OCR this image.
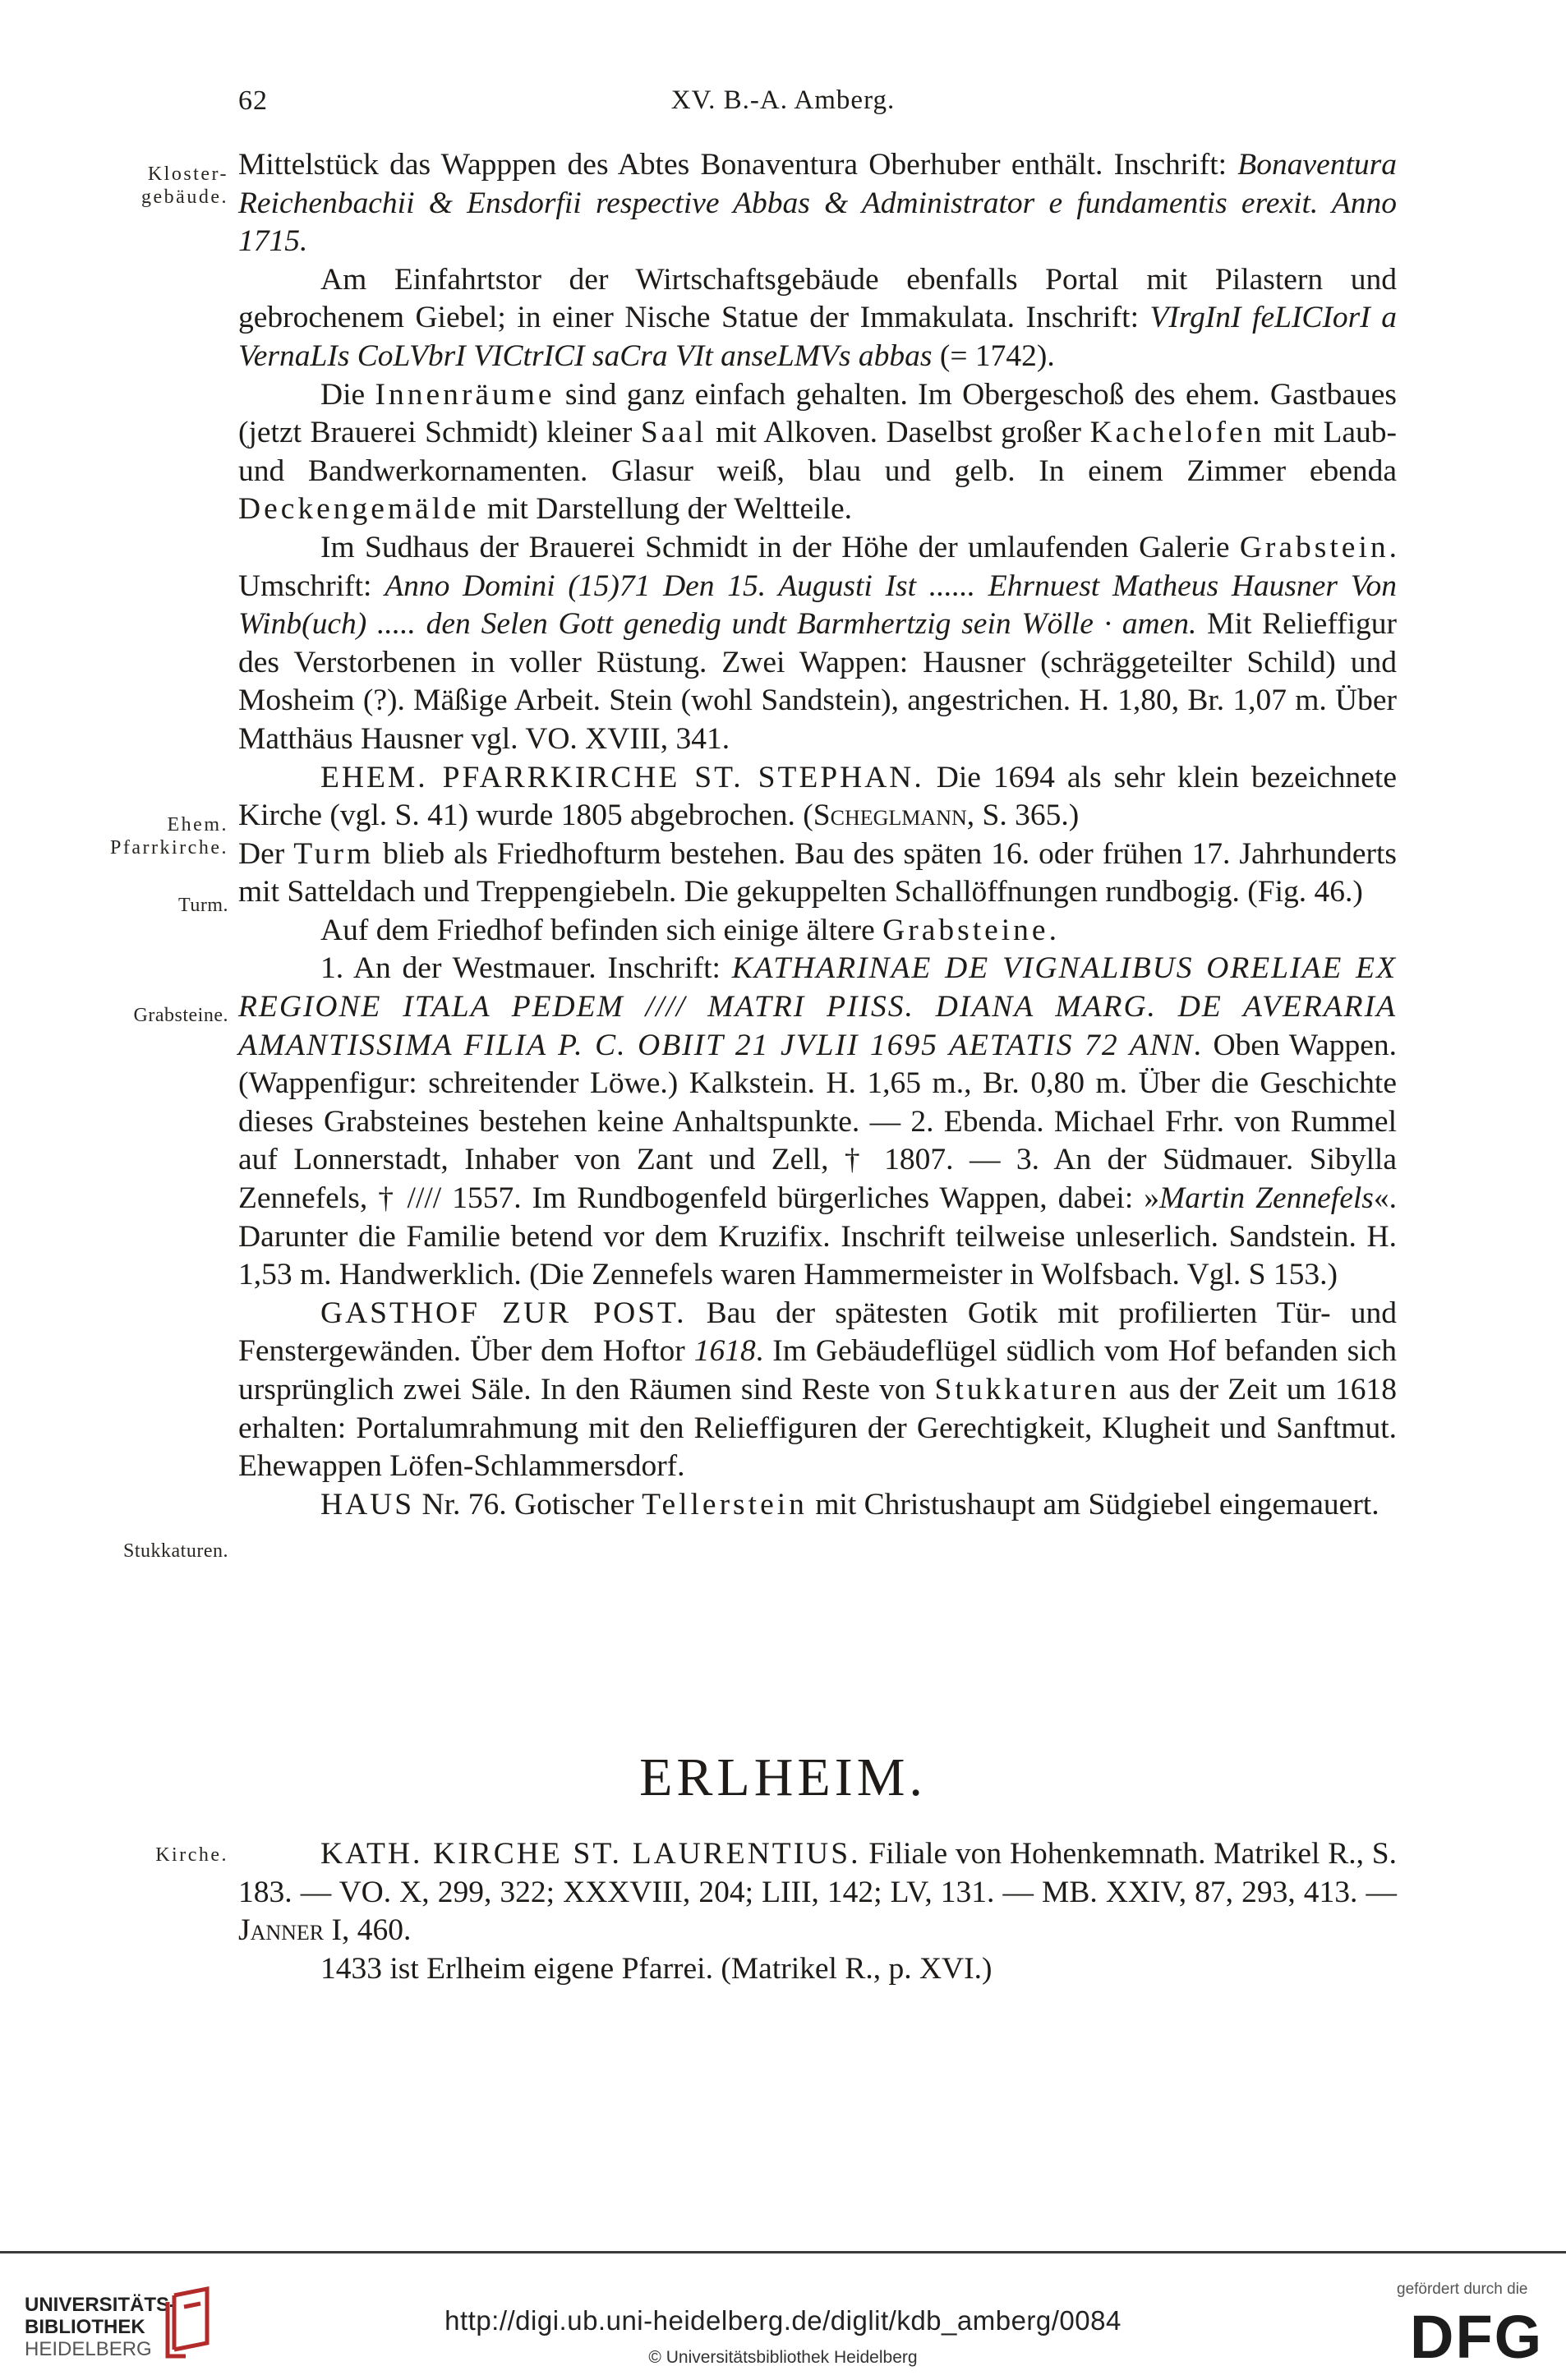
62	XV. B.-A. Amberg.
Kloster-
gebäude.
Ehem.
Pfarrkirche.
Turm.
Grabsteine.
Stukkaturen.
Kirche.

Mittelstück das Wapppen des Abtes Bonaventura Oberhuber enthält. Inschrift: Bonaventura Reichenbachii & Ensdorfii respective Abbas & Administrator e fundamentis erexit. Anno 1715.

Am Einfahrtstor der Wirtschaftsgebäude ebenfalls Portal mit Pilastern und gebrochenem Giebel; in einer Nische Statue der Immakulata. Inschrift: VIrgInI feLICIorI a VernaLIs CoLVbrI VICtrICI saCra VIt anseLMVs abbas (= 1742).

Die Innenräume sind ganz einfach gehalten. Im Obergeschoß des ehem. Gastbaues (jetzt Brauerei Schmidt) kleiner Saal mit Alkoven. Daselbst großer Kachelofen mit Laub- und Bandwerkornamenten. Glasur weiß, blau und gelb. In einem Zimmer ebenda Deckengemälde mit Darstellung der Weltteile.

Im Sudhaus der Brauerei Schmidt in der Höhe der umlaufenden Galerie Grabstein. Umschrift: Anno Domini (15)71 Den 15. Augusti Ist ...... Ehrnuest Matheus Hausner Von Winb(uch) ..... den Selen Gott genedig undt Barmhertzig sein Wölle · amen. Mit Relieffigur des Verstorbenen in voller Rüstung. Zwei Wappen: Hausner (schräggeteilter Schild) und Mosheim (?). Mäßige Arbeit. Stein (wohl Sandstein), angestrichen. H. 1,80, Br. 1,07 m. Über Matthäus Hausner vgl. VO. XVIII, 341.

EHEM. PFARRKIRCHE ST. STEPHAN. Die 1694 als sehr klein bezeichnete Kirche (vgl. S. 41) wurde 1805 abgebrochen. (Scheglmann, S. 365.)

Der Turm blieb als Friedhofturm bestehen. Bau des späten 16. oder frühen 17. Jahrhunderts mit Satteldach und Treppengiebeln. Die gekuppelten Schallöffnungen rundbogig. (Fig. 46.)

Auf dem Friedhof befinden sich einige ältere Grabsteine.

1. An der Westmauer. Inschrift: KATHARINAE DE VIGNALIBUS ORELIAE EX REGIONE ITALA PEDEM //// MATRI PIISS. DIANA MARG. DE AVERARIA AMANTISSIMA FILIA P. C. OBIIT 21 JVLII 1695 AETATIS 72 ANN. Oben Wappen. (Wappenfigur: schreitender Löwe.) Kalkstein. H. 1,65 m., Br. 0,80 m. Über die Geschichte dieses Grabsteines bestehen keine Anhaltspunkte. — 2. Ebenda. Michael Frhr. von Rummel auf Lonnerstadt, Inhaber von Zant und Zell, † 1807. — 3. An der Südmauer. Sibylla Zennefels, † //// 1557. Im Rundbogenfeld bürgerliches Wappen, dabei: »Martin Zennefels«. Darunter die Familie betend vor dem Kruzifix. Inschrift teilweise unleserlich. Sandstein. H. 1,53 m. Handwerklich. (Die Zennefels waren Hammermeister in Wolfsbach. Vgl. S 153.)

GASTHOF ZUR POST. Bau der spätesten Gotik mit profilierten Tür- und Fenstergewänden. Über dem Hoftor 1618. Im Gebäudeflügel südlich vom Hof befanden sich ursprünglich zwei Säle. In den Räumen sind Reste von Stukkaturen aus der Zeit um 1618 erhalten: Portalumrahmung mit den Relieffiguren der Gerechtigkeit, Klugheit und Sanftmut. Ehewappen Löfen-Schlammersdorf.

HAUS Nr. 76. Gotischer Tellerstein mit Christushaupt am Südgiebel eingemauert.

ERLHEIM.

KATH. KIRCHE ST. LAURENTIUS. Filiale von Hohenkemnath. Matrikel R., S. 183. — VO. X, 299, 322; XXXVIII, 204; LIII, 142; LV, 131. — MB. XXIV, 87, 293, 413. — Janner I, 460.

1433 ist Erlheim eigene Pfarrei. (Matrikel R., p. XVI.)

UNIVERSITÄTS-
BIBLIOTHEK
HEIDELBERG
http://digi.ub.uni-heidelberg.de/diglit/kdb_amberg/0084
© Universitätsbibliothek Heidelberg
gefördert durch die
DFG
